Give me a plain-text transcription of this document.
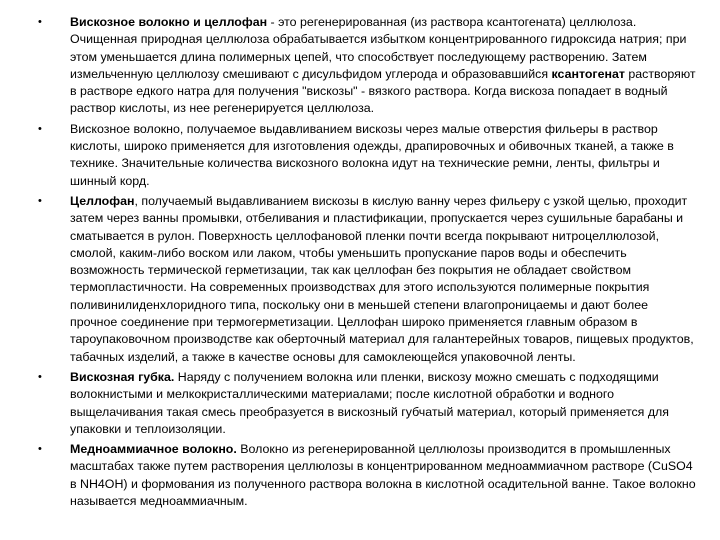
•	Вискозное волокно и целлофан - это регенерированная (из раствора ксантогената) целлюлоза. Очищенная природная целлюлоза обрабатывается избытком концентрированного гидроксида натрия; при этом уменьшается длина полимерных цепей, что способствует последующему растворению. Затем измельченную целлюлозу смешивают с дисульфидом углерода и образовавшийся ксантогенат растворяют в растворе едкого натра для получения "вискозы" - вязкого раствора. Когда вискоза попадает в водный раствор кислоты, из нее регенерируется целлюлоза.
•	Вискозное волокно, получаемое выдавливанием вискозы через малые отверстия фильеры в раствор кислоты, широко применяется для изготовления одежды, драпировочных и обивочных тканей, а также в технике. Значительные количества вискозного волокна идут на технические ремни, ленты, фильтры и шинный корд.
•	Целлофан, получаемый выдавливанием вискозы в кислую ванну через фильеру с узкой щелью, проходит затем через ванны промывки, отбеливания и пластификации, пропускается через сушильные барабаны и сматывается в рулон. Поверхность целлофановой пленки почти всегда покрывают нитроцеллюлозой, смолой, каким-либо воском или лаком, чтобы уменьшить пропускание паров воды и обеспечить возможность термической герметизации, так как целлофан без покрытия не обладает свойством термопластичности. На современных производствах для этого используются полимерные покрытия поливинилиденхлоридного типа, поскольку они в меньшей степени влагопроницаемы и дают более прочное соединение при термогерметизации. Целлофан широко применяется главным образом в тароупаковочном производстве как оберточный материал для галантерейных товаров, пищевых продуктов, табачных изделий, а также в качестве основы для самоклеющейся упаковочной ленты.
•	Вискозная губка. Наряду с получением волокна или пленки, вискозу можно смешать с подходящими волокнистыми и мелкокристаллическими материалами; после кислотной обработки и водного выщелачивания такая смесь преобразуется в вискозный губчатый материал, который применяется для упаковки и теплоизоляции.
•	Медноаммиачное волокно. Волокно из регенерированной целлюлозы производится в промышленных масштабах также путем растворения целлюлозы в концентрированном медноаммиачном растворе (CuSO4 в NH4OH) и формования из полученного раствора волокна в кислотной осадительной ванне. Такое волокно называется медноаммиачным.
